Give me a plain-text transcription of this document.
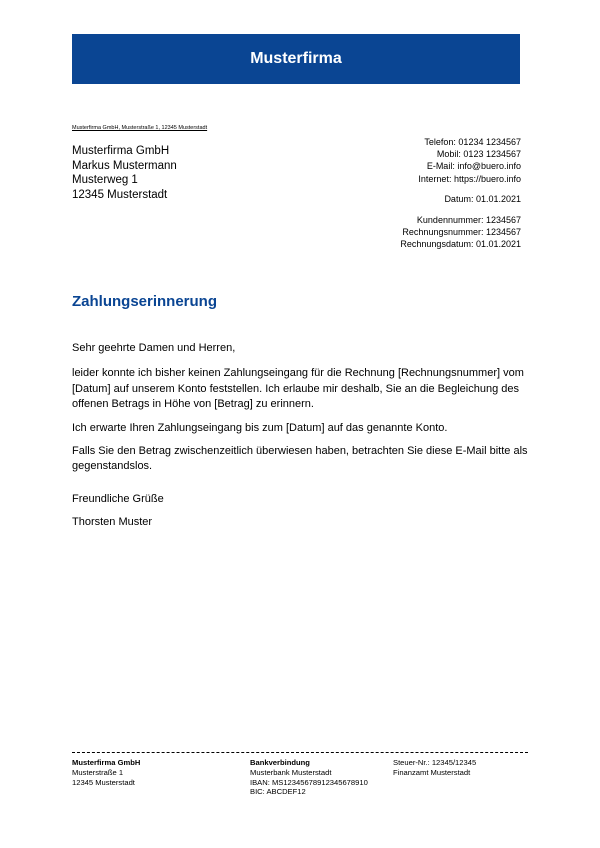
Musterfirma
Musterfirma GmbH, Musterstraße 1, 12345 Musterstadt
Musterfirma GmbH
Markus Mustermann
Musterweg 1
12345 Musterstadt
Telefon: 01234 1234567
Mobil: 0123 1234567
E-Mail: info@buero.info
Internet: https://buero.info
Datum: 01.01.2021
Kundennummer: 1234567
Rechnungsnummer: 1234567
Rechnungsdatum: 01.01.2021
Zahlungserinnerung

Sehr geehrte Damen und Herren,

leider konnte ich bisher keinen Zahlungseingang für die Rechnung [Rechnungsnummer] vom [Datum] auf unserem Konto feststellen. Ich erlaube mir deshalb, Sie an die Begleichung des offenen Betrags in Höhe von [Betrag] zu erinnern.

Ich erwarte Ihren Zahlungseingang bis zum [Datum] auf das genannte Konto.

Falls Sie den Betrag zwischenzeitlich überwiesen haben, betrachten Sie diese E-Mail bitte als gegenstandslos.

Freundliche Grüße
Thorsten Muster
Musterfirma GmbH
Musterstraße 1
12345 Musterstadt
Bankverbindung
Musterbank Musterstadt
IBAN: MS1234567891234567891​0
BIC: ABCDEF12
Steuer-Nr.: 12345/12345
Finanzamt Musterstadt
